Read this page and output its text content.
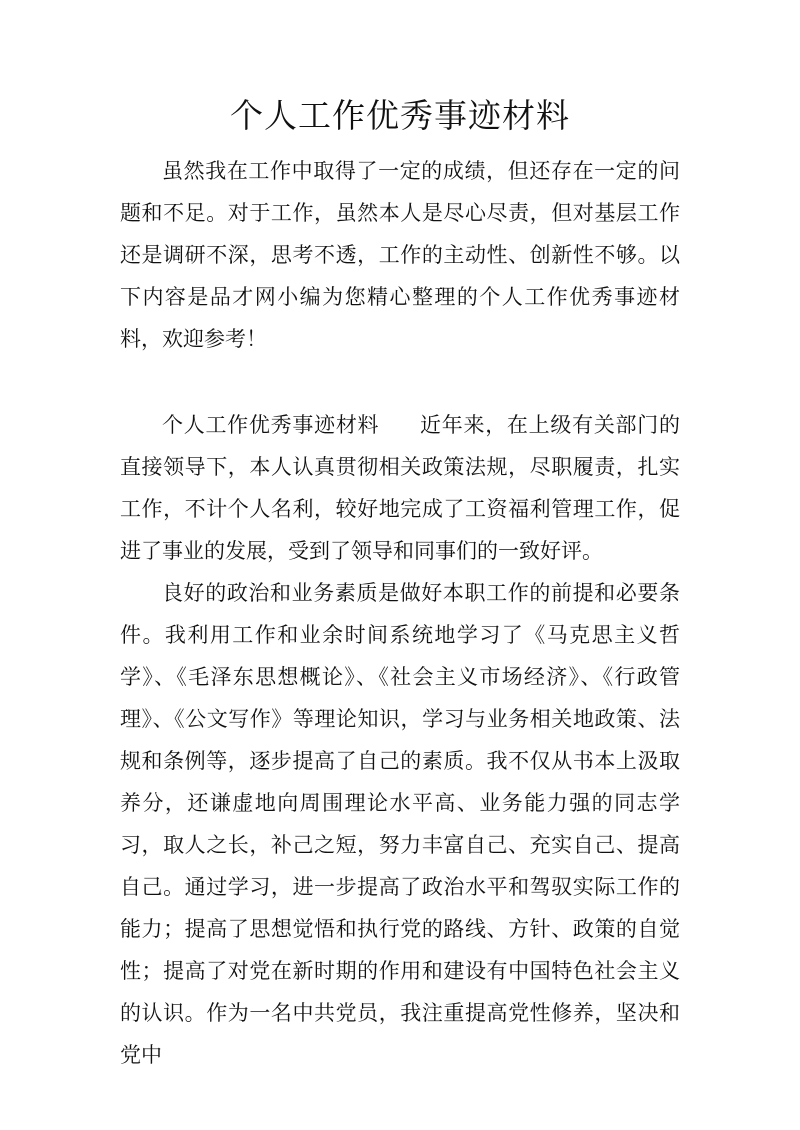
个人工作优秀事迹材料

虽然我在工作中取得了一定的成绩，但还存在一定的问题和不足。对于工作，虽然本人是尽心尽责，但对基层工作还是调研不深，思考不透，工作的主动性、创新性不够。以下内容是品才网小编为您精心整理的个人工作优秀事迹材料，欢迎参考！

个人工作优秀事迹材料 近年来，在上级有关部门的直接领导下，本人认真贯彻相关政策法规，尽职履责，扎实工作，不计个人名利，较好地完成了工资福利管理工作，促进了事业的发展，受到了领导和同事们的一致好评。

良好的政治和业务素质是做好本职工作的前提和必要条件。我利用工作和业余时间系统地学习了《马克思主义哲学》、《毛泽东思想概论》、《社会主义市场经济》、《行政管理》、《公文写作》等理论知识，学习与业务相关地政策、法规和条例等，逐步提高了自己的素质。我不仅从书本上汲取养分，还谦虚地向周围理论水平高、业务能力强的同志学习，取人之长，补己之短，努力丰富自己、充实自己、提高自己。通过学习，进一步提高了政治水平和驾驭实际工作的能力；提高了思想觉悟和执行党的路线、方针、政策的自觉性；提高了对党在新时期的作用和建设有中国特色社会主义的认识。作为一名中共党员，我注重提高党性修养，坚决和党中
